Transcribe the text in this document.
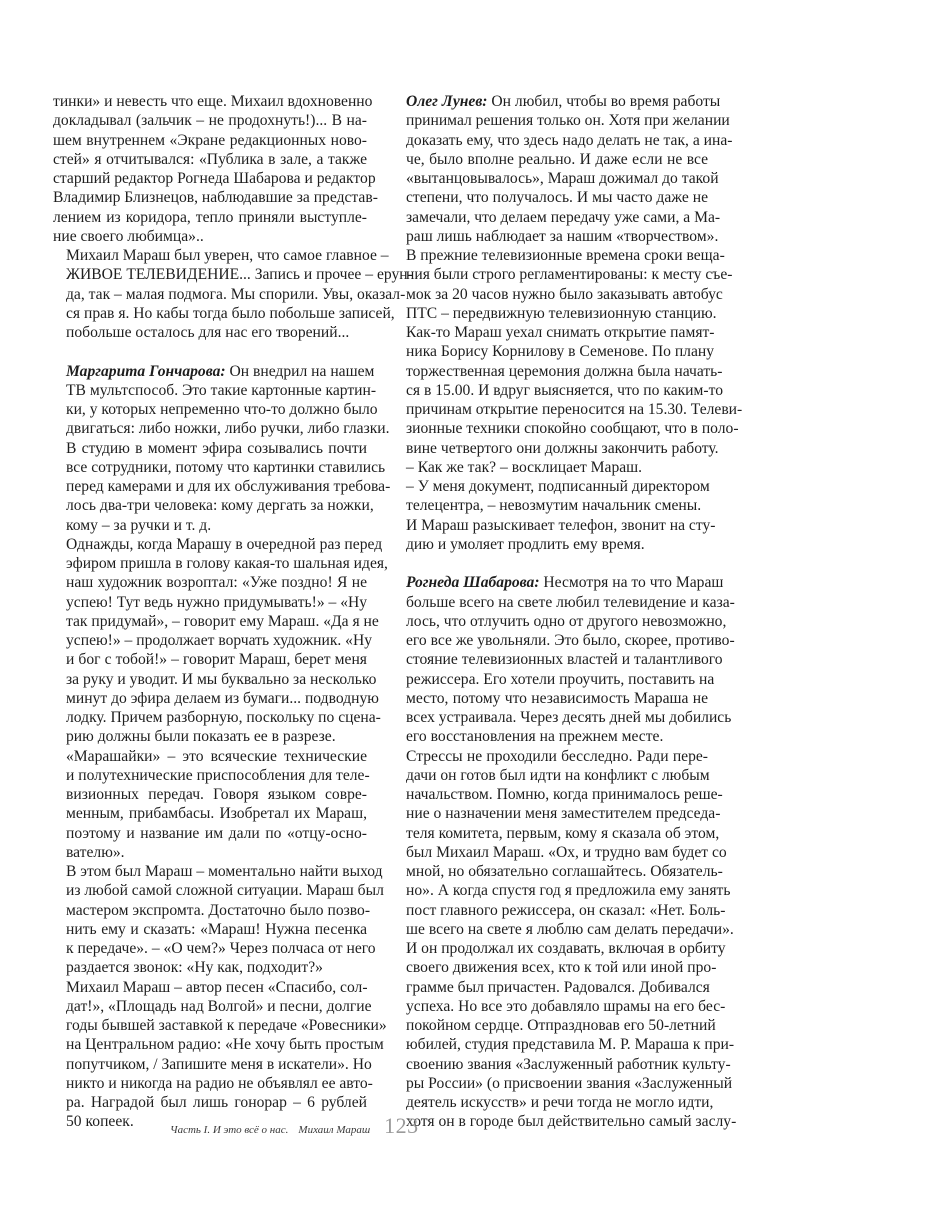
тинки» и невесть что еще. Михаил вдохновенно
докладывал (зальчик – не продохнуть!)... В на-
шем внутреннем «Экране редакционных ново-
стей» я отчитывался: «Публика в зале, а также
старший редактор Рогнеда Шабарова и редактор
Владимир Близнецов, наблюдавшие за представ-
лением из коридора, тепло приняли выступле-
ние своего любимца»..

Михаил Мараш был уверен, что самое главное –
ЖИВОЕ ТЕЛЕВИДЕНИЕ... Запись и прочее – ерун-
да, так – малая подмога. Мы спорили. Увы, оказал-
ся прав я. Но кабы тогда было побольше записей,
побольше осталось для нас его творений...

Маргарита Гончарова: Он внедрил на нашем
ТВ мультспособ. Это такие картонные картин-
ки, у которых непременно что-то должно было
двигаться: либо ножки, либо ручки, либо глазки.
В студию в момент эфира созывались почти
все сотрудники, потому что картинки ставились
перед камерами и для их обслуживания требова-
лось два-три человека: кому дергать за ножки,
кому – за ручки и т. д.

Однажды, когда Марашу в очередной раз перед
эфиром пришла в голову какая-то шальная идея,
наш художник возроптал: «Уже поздно! Я не
успею! Тут ведь нужно придумывать!» – «Ну
так придумай», – говорит ему Мараш. «Да я не
успею!» – продолжает ворчать художник. «Ну
и бог с тобой!» – говорит Мараш, берет меня
за руку и уводит. И мы буквально за несколько
минут до эфира делаем из бумаги... подводную
лодку. Причем разборную, поскольку по сцена-
рию должны были показать ее в разрезе.

«Марашайки» – это всяческие технические
и полутехнические приспособления для теле-
визионных передач. Говоря языком совре-
менным, прибамбасы. Изобретал их Мараш,
поэтому и название им дали по «отцу-осно-
вателю».

В этом был Мараш – моментально найти выход
из любой самой сложной ситуации. Мараш был
мастером экспромта. Достаточно было позво-
нить ему и сказать: «Мараш! Нужна песенка
к передаче». – «О чем?» Через полчаса от него
раздается звонок: «Ну как, подходит?»

Михаил Мараш – автор песен «Спасибо, сол-
дат!», «Площадь над Волгой» и песни, долгие
годы бывшей заставкой к передаче «Ровесники»
на Центральном радио: «Не хочу быть простым
попутчиком, / Запишите меня в искатели». Но
никто и никогда на радио не объявлял ее авто-
ра. Наградой был лишь гонорар – 6 рублей
50 копеек.

Олег Лунев: Он любил, чтобы во время работы
принимал решения только он. Хотя при желании
доказать ему, что здесь надо делать не так, а ина-
че, было вполне реально. И даже если не все
«вытанцовывалось», Мараш дожимал до такой
степени, что получалось. И мы часто даже не
замечали, что делаем передачу уже сами, а Ма-
раш лишь наблюдает за нашим «творчеством».

В прежние телевизионные времена сроки веща-
ния были строго регламентированы: к месту съе-
мок за 20 часов нужно было заказывать автобус
ПТС – передвижную телевизионную станцию.
Как-то Мараш уехал снимать открытие памят-
ника Борису Корнилову в Семенове. По плану
торжественная церемония должна была начать-
ся в 15.00. И вдруг выясняется, что по каким-то
причинам открытие переносится на 15.30. Телеви-
зионные техники спокойно сообщают, что в поло-
вине четвертого они должны закончить работу.

– Как же так? – восклицает Мараш.

– У меня документ, подписанный директором
телецентра, – невозмутим начальник смены.

И Мараш разыскивает телефон, звонит на сту-
дию и умоляет продлить ему время.

Рогнеда Шабарова: Несмотря на то что Мараш
больше всего на свете любил телевидение и каза-
лось, что отлучить одно от другого невозможно,
его все же увольняли. Это было, скорее, противо-
стояние телевизионных властей и талантливого
режиссера. Его хотели проучить, поставить на
место, потому что независимость Мараша не
всех устраивала. Через десять дней мы добились
его восстановления на прежнем месте.

Стрессы не проходили бесследно. Ради пере-
дачи он готов был идти на конфликт с любым
начальством. Помню, когда принималось реше-
ние о назначении меня заместителем председа-
теля комитета, первым, кому я сказала об этом,
был Михаил Мараш. «Ох, и трудно вам будет со
мной, но обязательно соглашайтесь. Обязатель-
но». А когда спустя год я предложила ему занять
пост главного режиссера, он сказал: «Нет. Боль-
ше всего на свете я люблю сам делать передачи».
И он продолжал их создавать, включая в орбиту
своего движения всех, кто к той или иной про-
грамме был причастен. Радовался. Добивался
успеха. Но все это добавляло шрамы на его бес-
покойном сердце. Отпраздновав его 50-летний
юбилей, студия представила М. Р. Мараша к при-
своению звания «Заслуженный работник культу-
ры России» (о присвоении звания «Заслуженный
деятель искусств» и речи тогда не могло идти,
хотя он в городе был действительно самый заслу-

Часть I. И это всё о нас. Михаил Мараш 123
